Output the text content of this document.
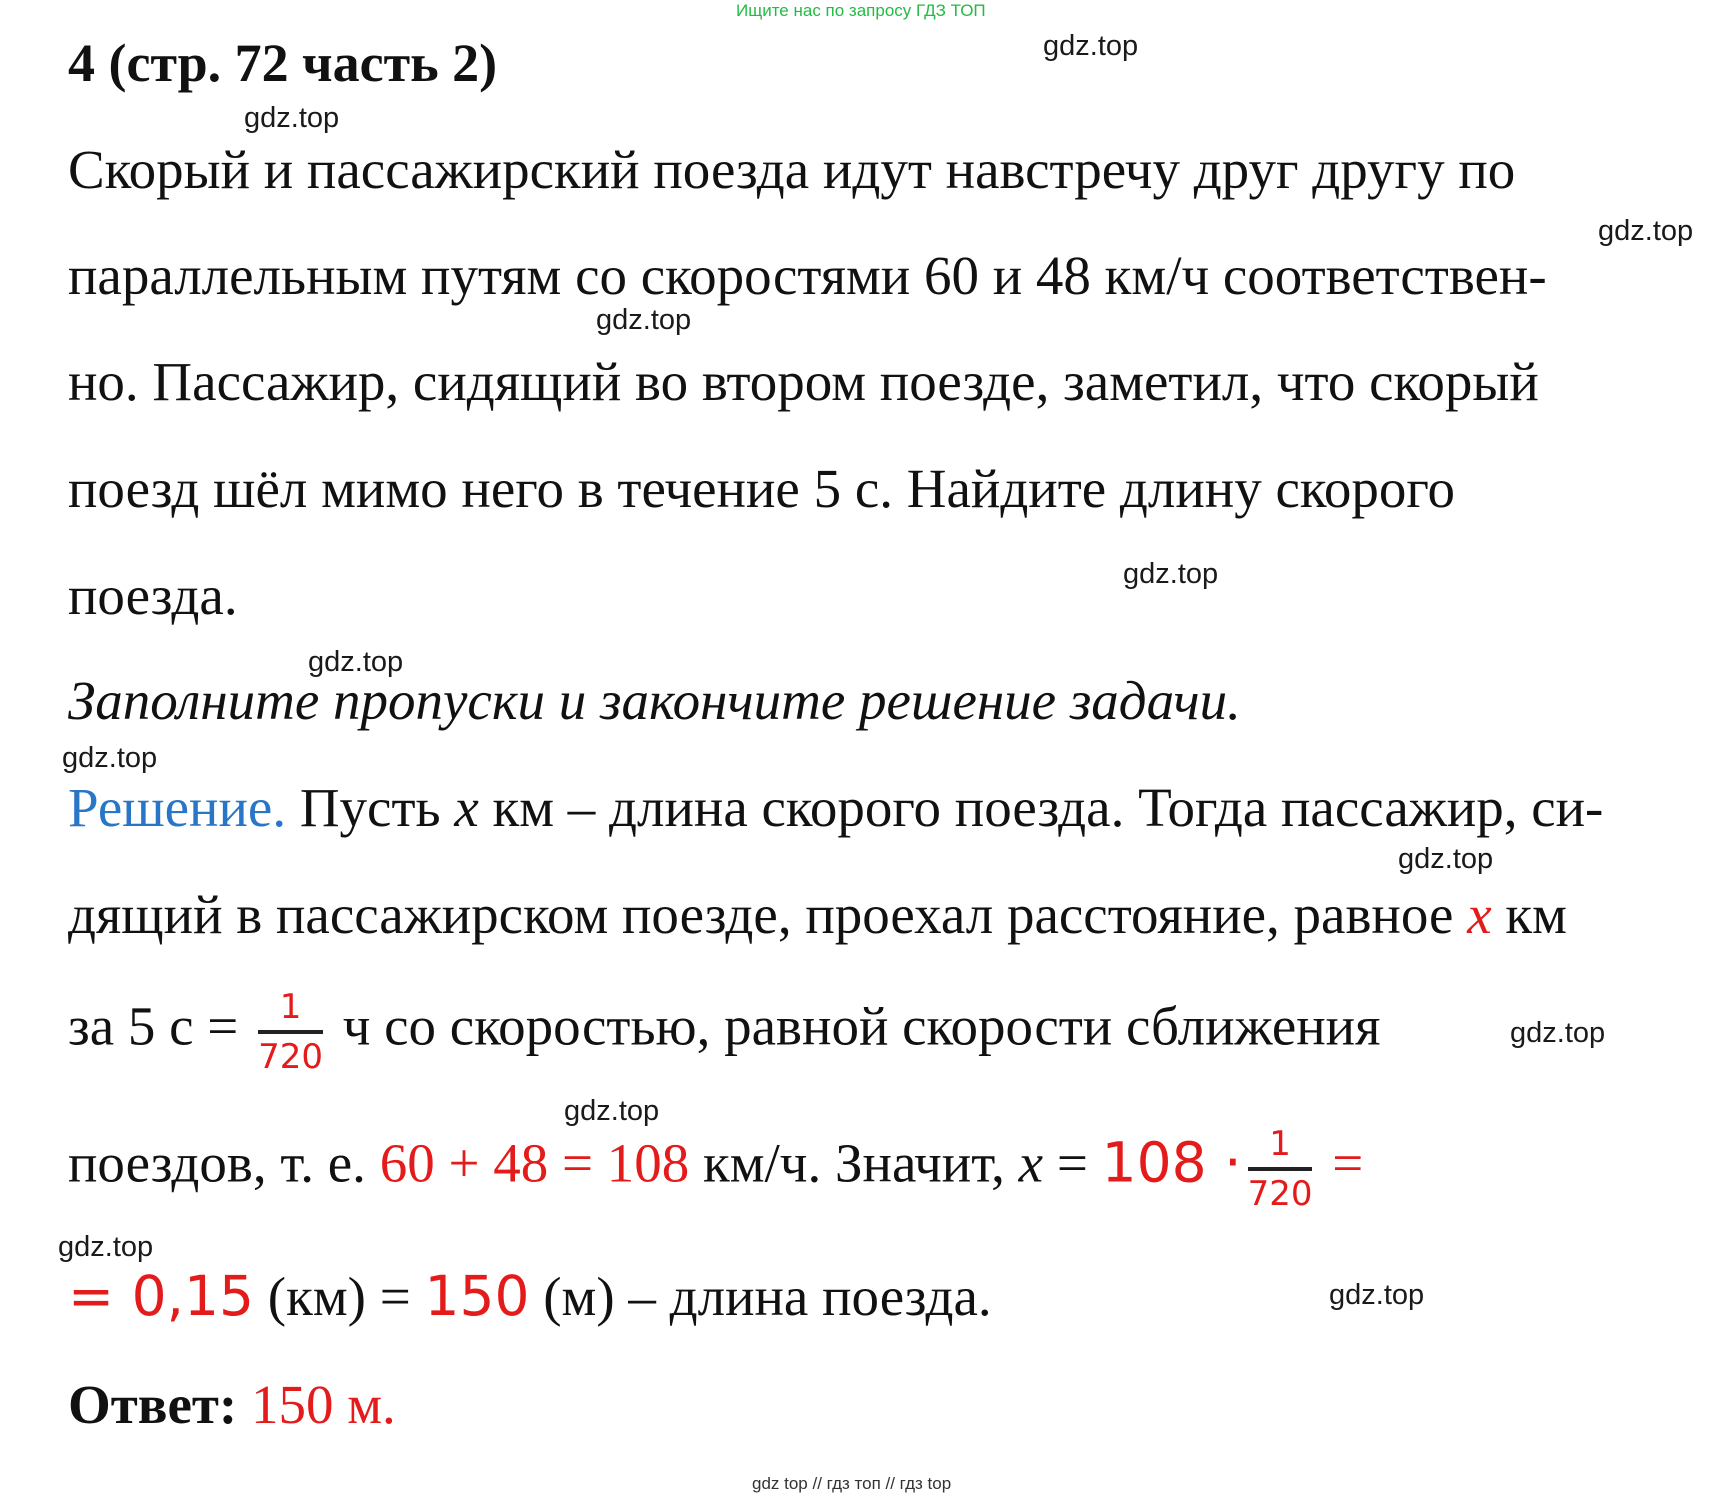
Ищите нас по запросу ГДЗ ТОП
4 (стр. 72 часть 2)	gdz.top
gdz.top
gdz.top
gdz.top
gdz.top
gdz.top
gdz.top
gdz.top
gdz.top
gdz.top
gdz.top
gdz.top
Скорый и пассажирский поезда идут навстречу друг другу по
параллельным путям со скоростями 60 и 48 км/ч соответствен-
но. Пассажир, сидящий во втором поезде, заметил, что скорый
поезд шёл мимо него в течение 5 с. Найдите длину скорого
поезда.
Заполните пропуски и закончите решение задачи.
Решение. Пусть x км – длина скорого поезда. Тогда пассажир, си-
дящий в пассажирском поезде, проехал расстояние, равное x км
за 5 $с = \frac{1}{720}$ ч со скоростью, равной скорости сближения
поездов, т. е. 60 + 48 = 108 км/ч. Значит, $x = 108 \cdot \frac{1}{720}$ =
= 0,15 (км) = 150 (м) – длина поезда.
Ответ: 150 м.
gdz top // гдз топ // гдз top
